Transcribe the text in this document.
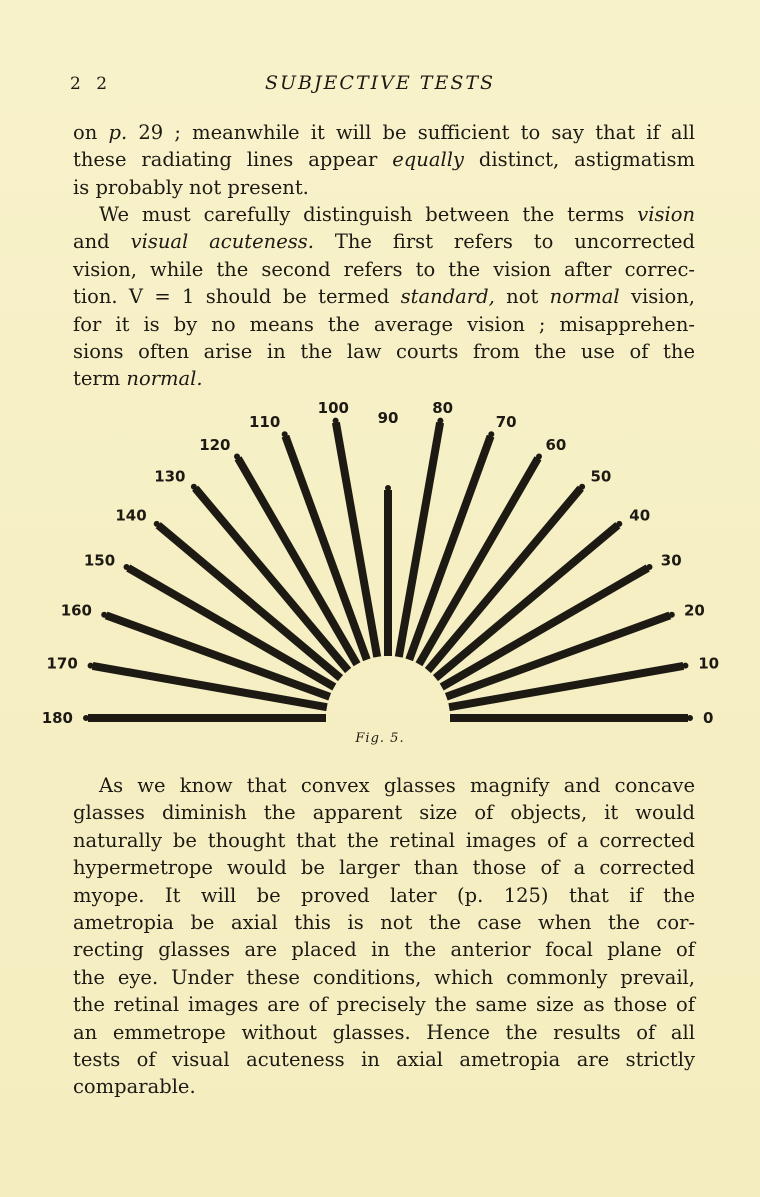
2 2	SUBJECTIVE TESTS
on p. 29 ; meanwhile it will be sufficient to say that if all
these radiating lines appear equally distinct, astigmatism
is probably not present.
We must carefully distinguish between the terms vision
and visual acuteness. The first refers to uncorrected
vision, while the second refers to the vision after correc-
tion. V = 1 should be termed standard, not normal vision,
for it is by no means the average vision ; misapprehen-
sions often arise in the law courts from the use of the
term normal.
0
10
20
30
40
50
60
70
80
90
100
110
120
130
140
150
160
170
180
Fig. 5.
As we know that convex glasses magnify and concave
glasses diminish the apparent size of objects, it would
naturally be thought that the retinal images of a corrected
hypermetrope would be larger than those of a corrected
myope. It will be proved later (p. 125) that if the
ametropia be axial this is not the case when the cor-
recting glasses are placed in the anterior focal plane of
the eye. Under these conditions, which commonly prevail,
the retinal images are of precisely the same size as those of
an emmetrope without glasses. Hence the results of all
tests of visual acuteness in axial ametropia are strictly
comparable.
